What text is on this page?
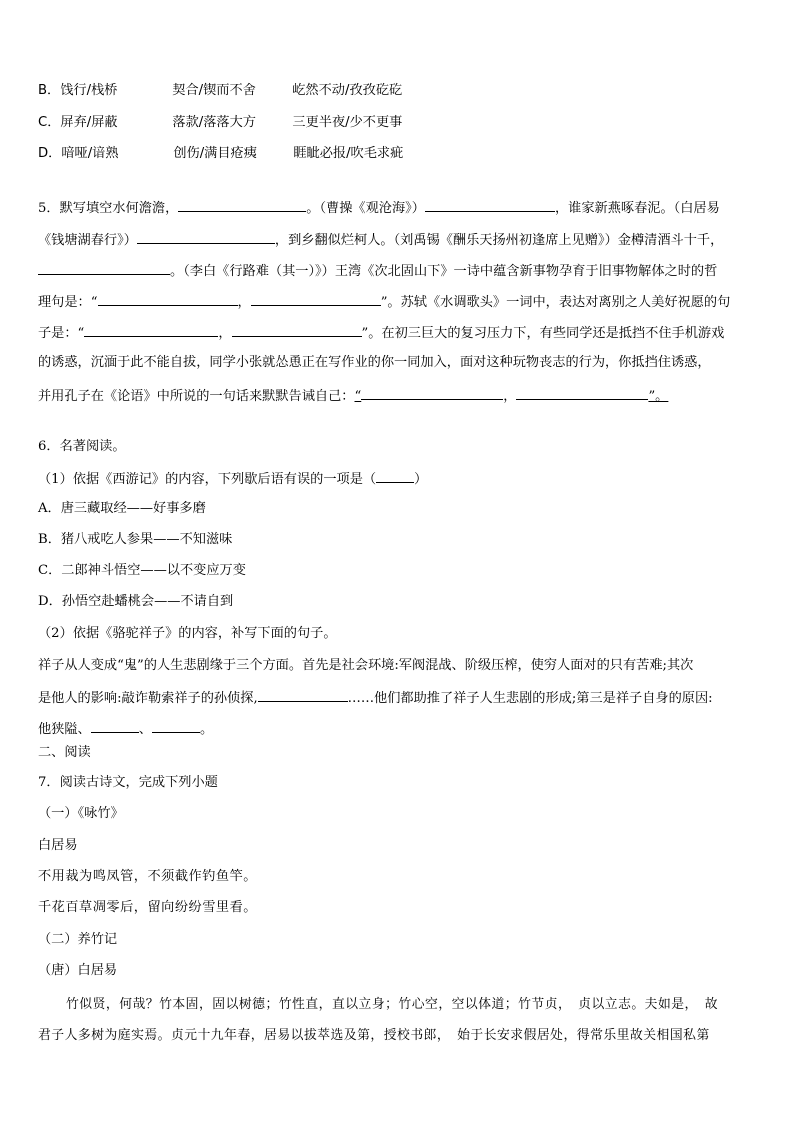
B．饯行/栈桥	契合/锲而不舍	屹然不动/孜孜矻矻
C．屏弃/屏蔽	落款/落落大方	三更半夜/少不更事
D．喑哑/谙熟	创伤/满目疮痍	睚眦必报/吹毛求疵
5．默写填空水何澹澹，	。（曹操《观沧海》）	，谁家新燕啄春泥。（白居易
《钱塘湖春行》）	，到乡翻似烂柯人。（刘禹锡《酬乐天扬州初逢席上见赠》）金樽清酒斗十千，
。（李白《行路难（其一）》）王湾《次北固山下》一诗中蕴含新事物孕育于旧事物解体之时的哲
理句是：“	，	”。苏轼《水调歌头》一词中，表达对离别之人美好祝愿的句
子是：“	，	”。在初三巨大的复习压力下，有些同学还是抵挡不住手机游戏
的诱惑，沉湎于此不能自拔，同学小张就怂恿正在写作业的你一同加入，面对这种玩物丧志的行为，你抵挡住诱惑，
并用孔子在《论语》中所说的一句话来默默告诫自己：“	，	”。
6．名著阅读。
（1）依据《西游记》的内容，下列歇后语有误的一项是（	）
A．唐三藏取经——好事多磨
B．猪八戒吃人参果——不知滋味
C．二郎神斗悟空——以不变应万变
D．孙悟空赴蟠桃会——不请自到
（2）依据《骆驼祥子》的内容，补写下面的句子。
祥子从人变成“鬼”的人生悲剧缘于三个方面。首先是社会环境:军阀混战、阶级压榨，使穷人面对的只有苦难;其次
是他人的影响:敲诈勒索祥子的孙侦探,	……他们都助推了祥子人生悲剧的形成;第三是祥子自身的原因:
他狭隘、	、	。
二、阅读
7．阅读古诗文，完成下列小题
（一）《咏竹》
白居易
不用裁为鸣凤管，不须截作钓鱼竿。
千花百草凋零后，留向纷纷雪里看。
（二）养竹记
（唐）白居易
竹似贤，何哉？竹本固，固以树德；竹性直，直以立身；竹心空，空以体道；竹节贞，　贞以立志。夫如是，　故
君子人多树为庭实焉。贞元十九年春，居易以拔萃选及第，授校书郎，　始于长安求假居处，得常乐里故关相国私第
